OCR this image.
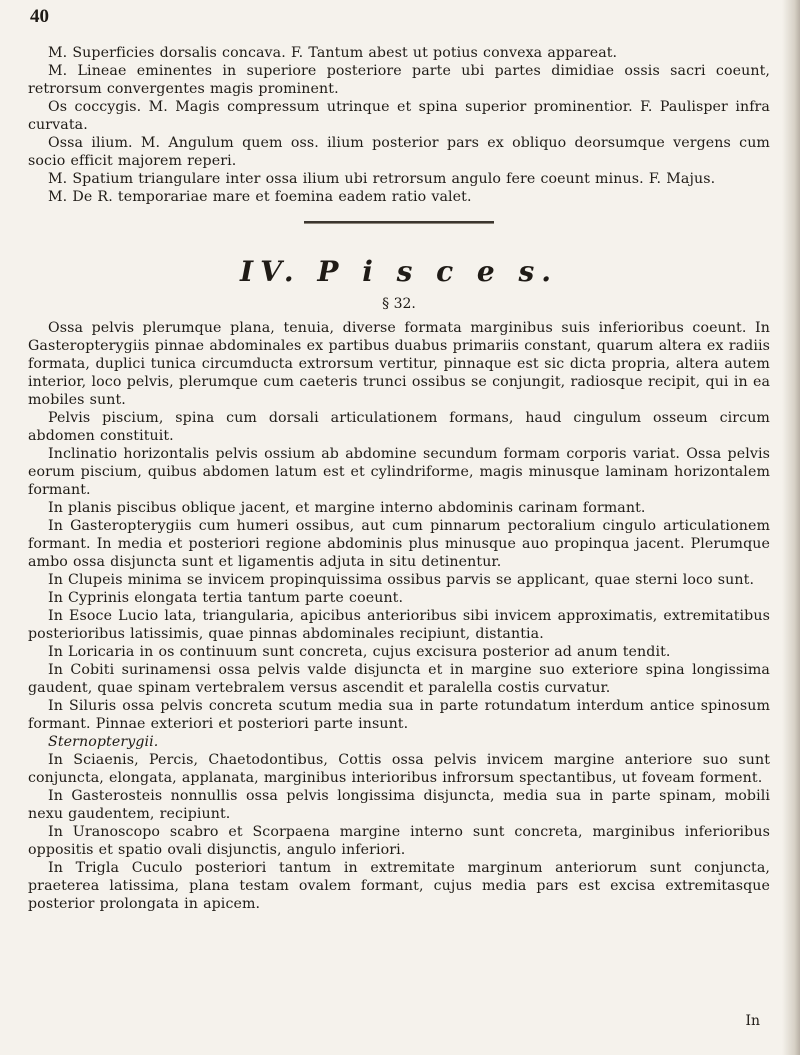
40

M. Superficies dorsalis concava. F. Tantum abest ut potius convexa appareat.

M. Lineae eminentes in superiore posteriore parte ubi partes dimidiae ossis sacri coeunt, retrorsum convergentes magis prominent.

Os coccygis. M. Magis compressum utrinque et spina superior prominentior. F. Paulisper infra curvata.

Ossa ilium. M. Angulum quem oss. ilium posterior pars ex obliquo deorsumque vergens cum socio efficit majorem reperi.

M. Spatium triangulare inter ossa ilium ubi retrorsum angulo fere coeunt minus. F. Majus.

M. De R. temporariae mare et foemina eadem ratio valet.

IV. P i s c e s.
§ 32.

Ossa pelvis plerumque plana, tenuia, diverse formata marginibus suis inferioribus coeunt. In Gasteropterygiis pinnae abdominales ex partibus duabus primariis constant, quarum altera ex radiis formata, duplici tunica circumducta extrorsum vertitur, pinnaque est sic dicta propria, altera autem interior, loco pelvis, plerumque cum caeteris trunci ossibus se conjungit, radiosque recipit, qui in ea mobiles sunt.

Pelvis piscium, spina cum dorsali articulationem formans, haud cingulum osseum circum abdomen constituit.

Inclinatio horizontalis pelvis ossium ab abdomine secundum formam corporis variat. Ossa pelvis eorum piscium, quibus abdomen latum est et cylindriforme, magis minusque laminam horizontalem formant.

In planis piscibus oblique jacent, et margine interno abdominis carinam formant.

In Gasteropterygiis cum humeri ossibus, aut cum pinnarum pectoralium cingulo articulationem formant. In media et posteriori regione abdominis plus minusque auo propinqua jacent. Plerumque ambo ossa disjuncta sunt et ligamentis adjuta in situ detinentur.

In Clupeis minima se invicem propinquissima ossibus parvis se applicant, quae sterni loco sunt.

In Cyprinis elongata tertia tantum parte coeunt.

In Esoce Lucio lata, triangularia, apicibus anterioribus sibi invicem approximatis, extremitatibus posterioribus latissimis, quae pinnas abdominales recipiunt, distantia.

In Loricaria in os continuum sunt concreta, cujus excisura posterior ad anum tendit.

In Cobiti surinamensi ossa pelvis valde disjuncta et in margine suo exteriore spina longissima gaudent, quae spinam vertebralem versus ascendit et paralella costis curvatur.

In Siluris ossa pelvis concreta scutum media sua in parte rotundatum interdum antice spinosum formant. Pinnae exteriori et posteriori parte insunt.

Sternopterygii.

In Sciaenis, Percis, Chaetodontibus, Cottis ossa pelvis invicem margine anteriore suo sunt conjuncta, elongata, applanata, marginibus interioribus infrorsum spectantibus, ut foveam forment.

In Gasterosteis nonnullis ossa pelvis longissima disjuncta, media sua in parte spinam, mobili nexu gaudentem, recipiunt.

In Uranoscopo scabro et Scorpaena margine interno sunt concreta, marginibus inferioribus oppositis et spatio ovali disjunctis, angulo inferiori.

In Trigla Cuculo posteriori tantum in extremitate marginum anteriorum sunt conjuncta, praeterea latissima, plana testam ovalem formant, cujus media pars est excisa extremitasque posterior prolongata in apicem.

In
